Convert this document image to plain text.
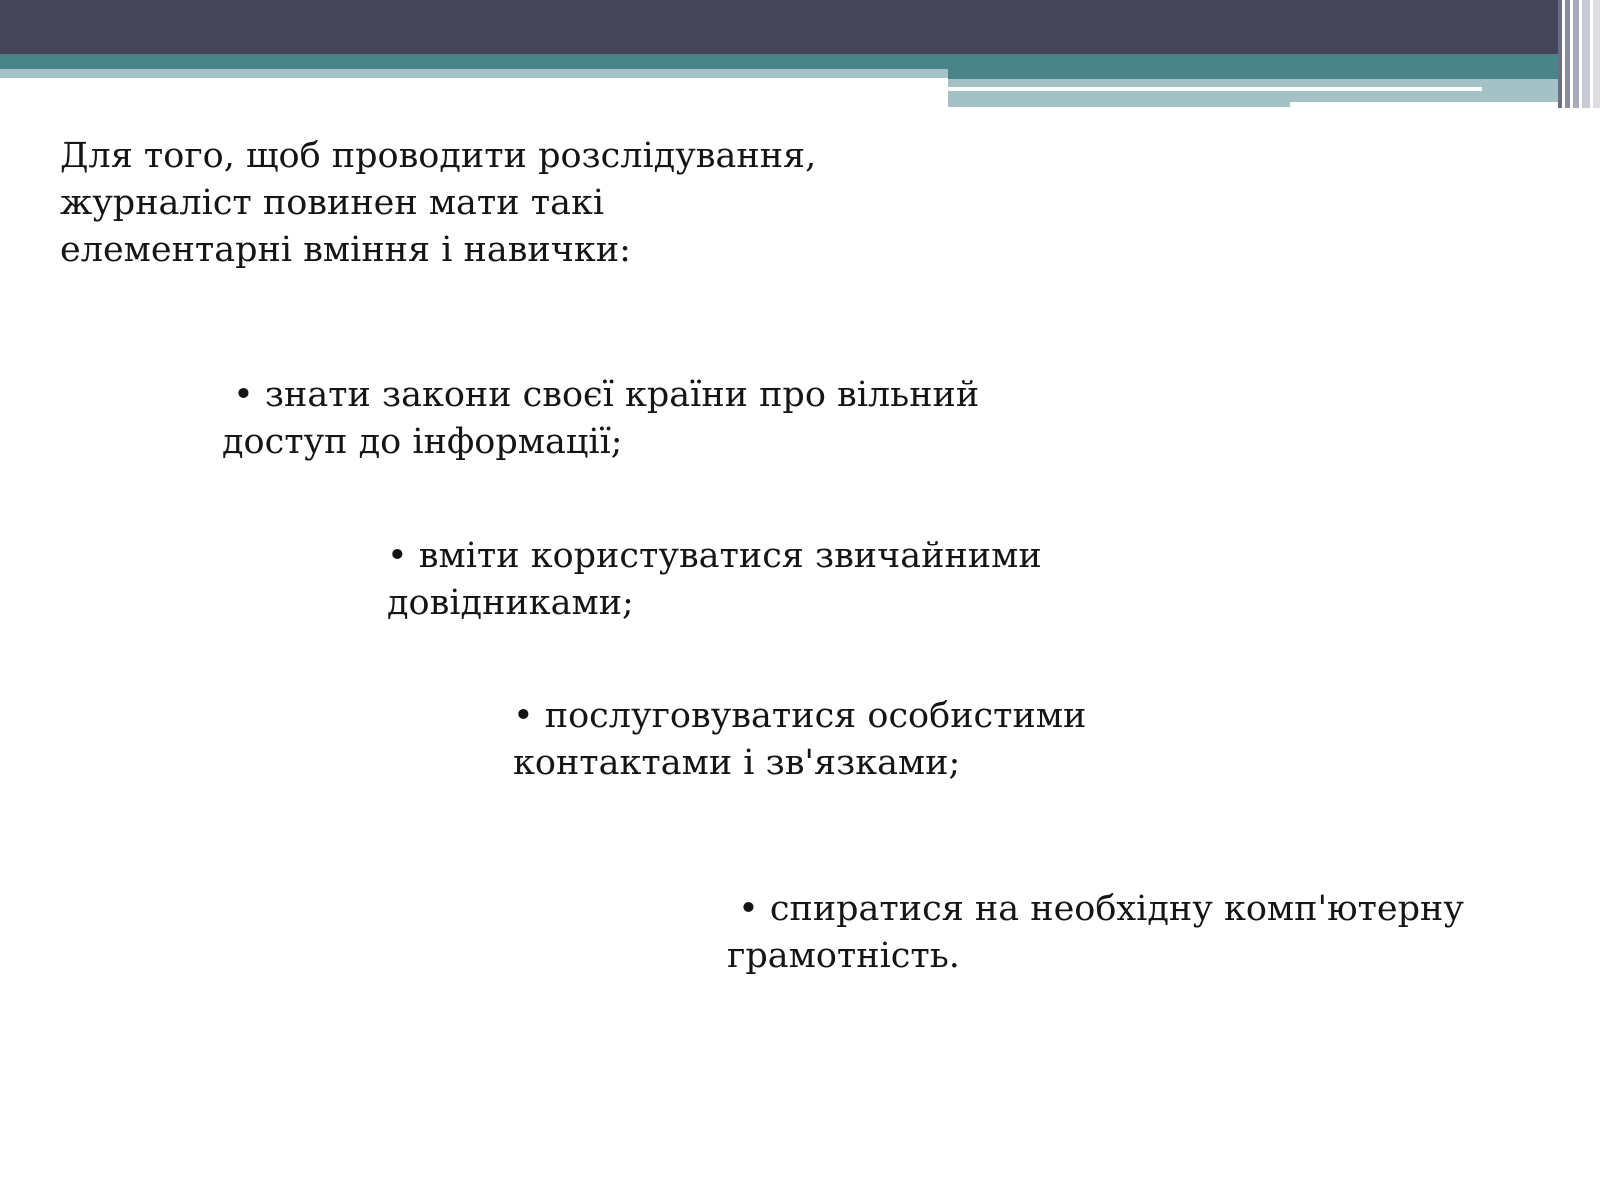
Для того, щоб проводити розслідування,
журналіст повинен мати такі
елементарні вміння і навички:

• знати закони своєї країни про вільний
доступ до інформації;

• вміти користуватися звичайними
довідниками;

• послуговуватися особистими
контактами і зв'язками;

• спиратися на необхідну комп'ютерну
грамотність.
